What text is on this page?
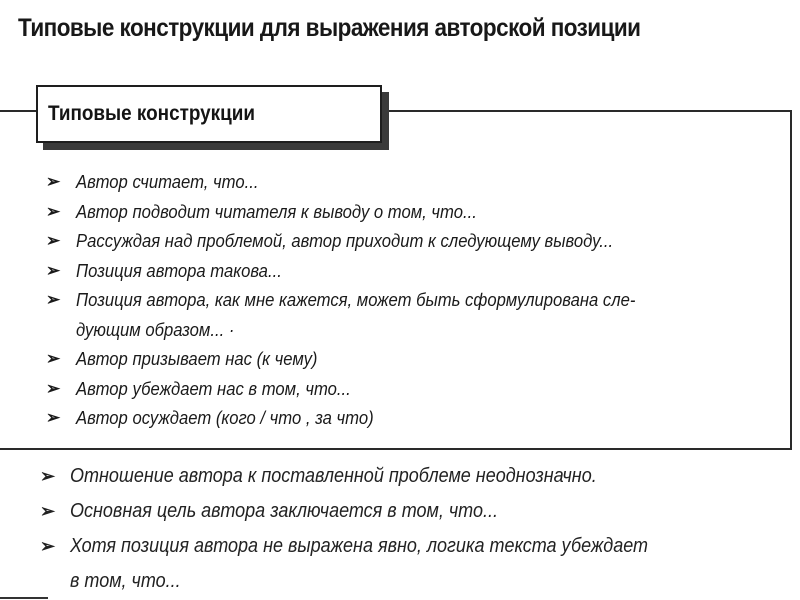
Типовые конструкции для выражения авторской позиции
Типовые конструкции
➢ Автор считает, что...
➢ Автор подводит читателя к выводу о том, что...
➢ Рассуждая над проблемой, автор приходит к следующему выводу...
➢ Позиция автора такова...
➢ Позиция автора, как мне кажется, может быть сформулирована сле-
дующим образом... ·
➢ Автор призывает нас (к чему)
➢ Автор убеждает нас в том, что...
➢ Автор осуждает (кого / что , за что)
➢ Отношение автора к поставленной проблеме неоднозначно.
➢ Основная цель автора заключается в том, что...
➢ Хотя позиция автора не выражена явно, логика текста убеждает
в том, что...
